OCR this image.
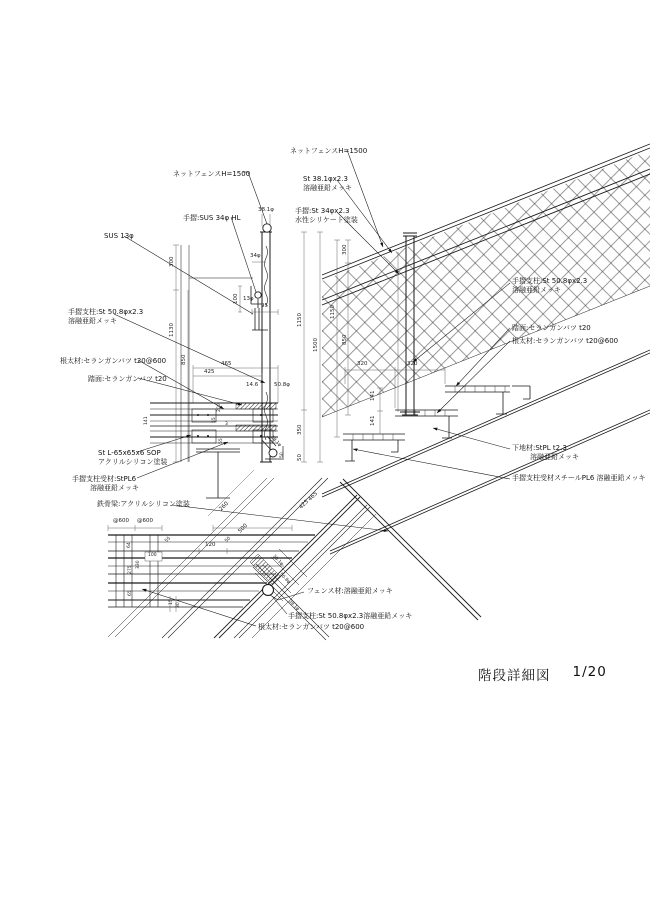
ネットフェンスH=1500
手摺:SUS 34φ HL
SUS 13φ
手摺支柱:St 50.8φx2.3
溶融亜鉛メッキ
根太材:セランガンバツ t20@600
踏面:セランガンバツ t20
St L-65x65x6 SOP
アクリルシリコン塗装
手摺支柱受材:StPL6
溶融亜鉛メッキ
38.1φ
34φ
100 13φ
95
300
1130
850	465
425
14.6	50.8φ
1150
1500
350
50
200
55
3
141
55	38.1φ
50
ネットフェンスH=1500
St 38.1φx2.3
溶融亜鉛メッキ
手摺:St 34φx2.3
水性シリケート塗装
手摺支柱:St 50.8φx2.3
溶融亜鉛メッキ
踏面:セランガンバツ t20
根太材:セランガンバツ t20@600
下地材:StPL t2.3
溶融亜鉛メッキ
手摺支柱受材スチールPL6 溶融亜鉛メッキ
300
1150
850
320	320
141
141
鉄骨梁:アクリルシリコン塗装
フェンス材:溶融亜鉛メッキ
手摺支柱:St 50.8φx2.3溶融亜鉛メッキ
根太材:セランガンバツ t20@600
@600 @600
260
500
120
50
55
425
465
64
330
275
100
65
15
30
38.1φ
50.8φ
38.1φ
階段詳細図 1/20
